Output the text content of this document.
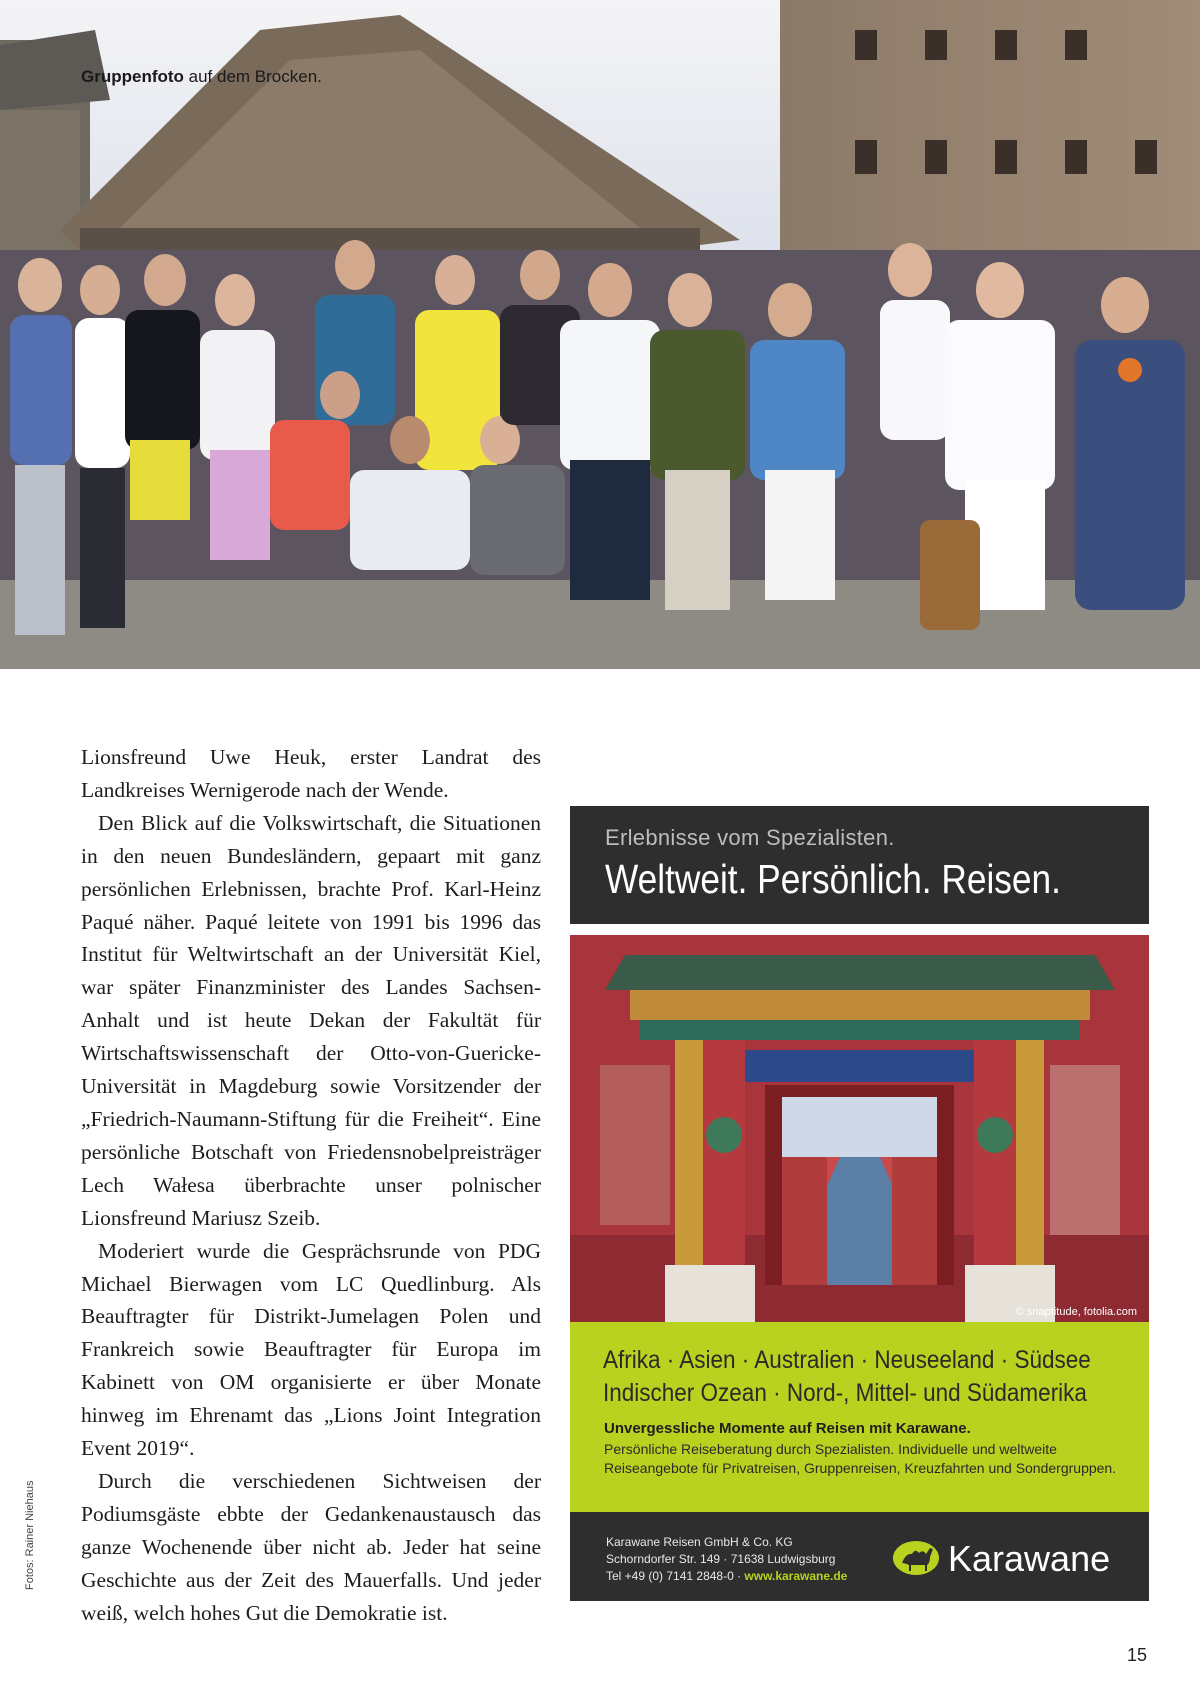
Gruppenfoto auf dem Brocken.

Lionsfreund Uwe Heuk, erster Landrat des Landkreises Wernigerode nach der Wende.

Den Blick auf die Volkswirtschaft, die Situationen in den neuen Bundesländern, gepaart mit ganz persönlichen Erlebnissen, brachte Prof. Karl-Heinz Paqué näher. Paqué leitete von 1991 bis 1996 das Institut für Weltwirtschaft an der Universität Kiel, war später Finanzminister des Landes Sachsen-Anhalt und ist heute Dekan der Fakultät für Wirtschaftswissenschaft der Otto-von-Guericke-Universität in Magdeburg sowie Vorsitzender der „Friedrich-Naumann-Stiftung für die Freiheit“. Eine persönliche Botschaft von Friedensnobelpreisträger Lech Wałesa überbrachte unser polnischer Lionsfreund Mariusz Szeib.

Moderiert wurde die Gesprächsrunde von PDG Michael Bierwagen vom LC Quedlinburg. Als Beauftragter für Distrikt-Jumelagen Polen und Frankreich sowie Beauftragter für Europa im Kabinett von OM organisierte er über Monate hinweg im Ehrenamt das „Lions Joint Integration Event 2019“.

Durch die verschiedenen Sichtweisen der Podiumsgäste ebbte der Gedankenaustausch das ganze Wochenende über nicht ab. Jeder hat seine Geschichte aus der Zeit des Mauerfalls. Und jeder weiß, welch hohes Gut die Demokratie ist.

Fotos: Rainer Niehaus
Erlebnisse vom Spezialisten.
Weltweit. Persönlich. Reisen.
© snaptitude, fotolia.com
Afrika · Asien · Australien · Neuseeland · Südsee
Indischer Ozean · Nord-, Mittel- und Südamerika
Unvergessliche Momente auf Reisen mit Karawane.
Persönliche Reiseberatung durch Spezialisten. Individuelle und weltweite Reiseangebote für Privatreisen, Gruppenreisen, Kreuzfahrten und Sondergruppen.
Karawane Reisen GmbH & Co. KG
Schorndorfer Str. 149 · 71638 Ludwigsburg
Tel +49 (0) 7141 2848-0 · www.karawane.de	Karawane
15
